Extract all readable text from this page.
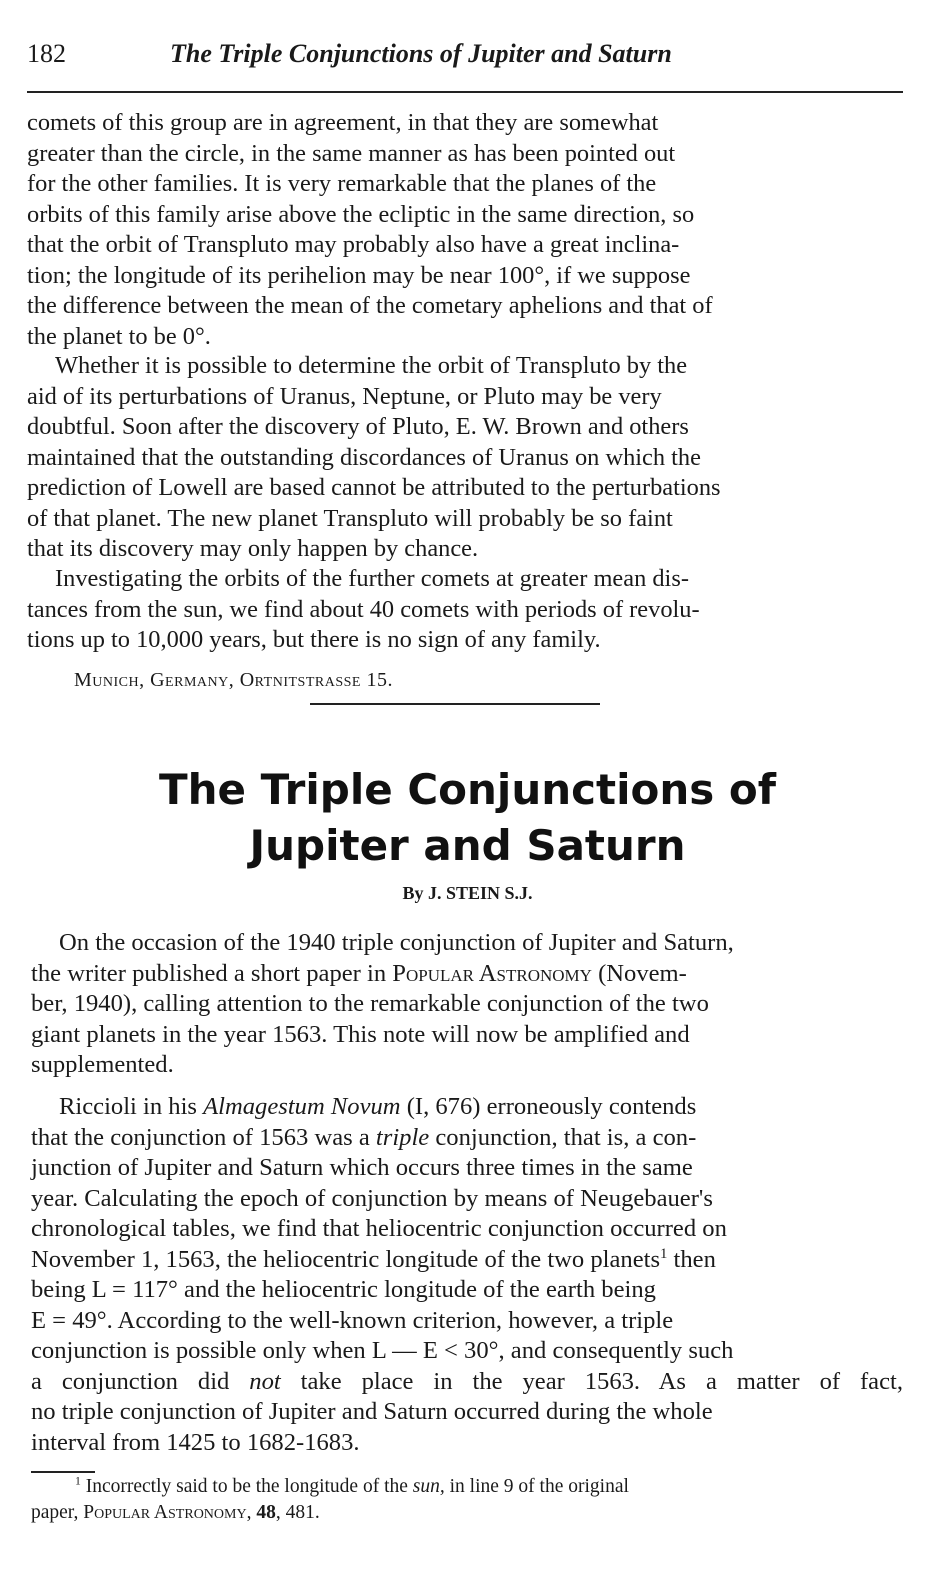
182	The Triple Conjunctions of Jupiter and Saturn

comets of this group are in agreement, in that they are somewhat
greater than the circle, in the same manner as has been pointed out
for the other families. It is very remarkable that the planes of the
orbits of this family arise above the ecliptic in the same direction, so
that the orbit of Transpluto may probably also have a great inclina-
tion; the longitude of its perihelion may be near 100°, if we suppose
the difference between the mean of the cometary aphelions and that of
the planet to be 0°.

Whether it is possible to determine the orbit of Transpluto by the
aid of its perturbations of Uranus, Neptune, or Pluto may be very
doubtful. Soon after the discovery of Pluto, E. W. Brown and others
maintained that the outstanding discordances of Uranus on which the
prediction of Lowell are based cannot be attributed to the perturbations
of that planet. The new planet Transpluto will probably be so faint
that its discovery may only happen by chance.

Investigating the orbits of the further comets at greater mean dis-
tances from the sun, we find about 40 comets with periods of revolu-
tions up to 10,000 years, but there is no sign of any family.

Munich, Germany, Ortnitstrasse 15.

The Triple Conjunctions of
Jupiter and Saturn

By J. STEIN S.J.

On the occasion of the 1940 triple conjunction of Jupiter and Saturn,
the writer published a short paper in Popular Astronomy (Novem-
ber, 1940), calling attention to the remarkable conjunction of the two
giant planets in the year 1563. This note will now be amplified and
supplemented.

Riccioli in his Almagestum Novum (I, 676) erroneously contends
that the conjunction of 1563 was a triple conjunction, that is, a con-
junction of Jupiter and Saturn which occurs three times in the same
year. Calculating the epoch of conjunction by means of Neugebauer's
chronological tables, we find that heliocentric conjunction occurred on
November 1, 1563, the heliocentric longitude of the two planets$^1$ then
being L = 117° and the heliocentric longitude of the earth being
E = 49°. According to the well-known criterion, however, a triple
conjunction is possible only when L — E < 30°, and consequently such
a conjunction did not take place in the year 1563. As a matter of fact,
no triple conjunction of Jupiter and Saturn occurred during the whole
interval from 1425 to 1682-1683.

$^1$ Incorrectly said to be the longitude of the sun, in line 9 of the original
paper, Popular Astronomy, 48, 481.
